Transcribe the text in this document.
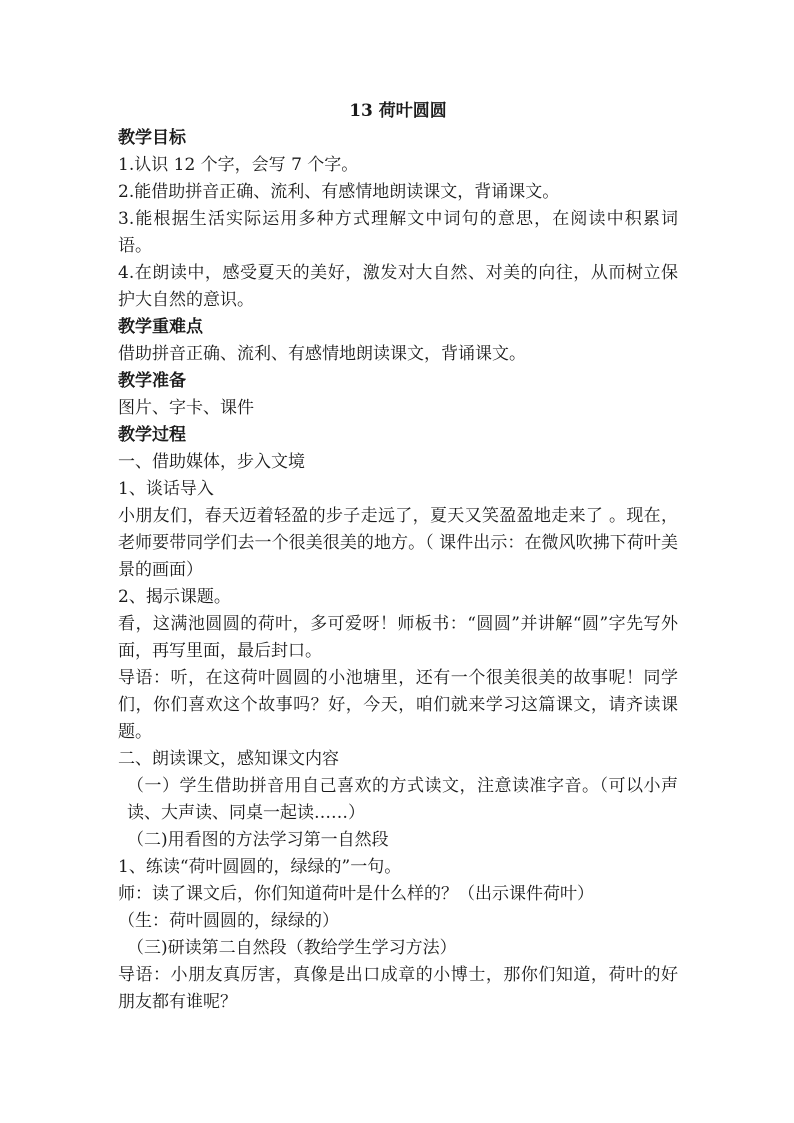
13 荷叶圆圆

教学目标

1.认识 12 个字，会写 7 个字。

2.能借助拼音正确、流利、有感情地朗读课文，背诵课文。

3.能根据生活实际运用多种方式理解文中词句的意思，在阅读中积累词语。

4.在朗读中，感受夏天的美好，激发对大自然、对美的向往，从而树立保护大自然的意识。

教学重难点

借助拼音正确、流利、有感情地朗读课文，背诵课文。

教学准备

图片、字卡、课件

教学过程

一、借助媒体，步入文境

1、谈话导入

小朋友们，春天迈着轻盈的步子走远了，夏天又笑盈盈地走来了 。现在，老师要带同学们去一个很美很美的地方。（ 课件出示：在微风吹拂下荷叶美景的画面）

2、揭示课题。

看，这满池圆圆的荷叶，多可爱呀！师板书：“圆圆”并讲解“圆”字先写外面，再写里面，最后封口。

导语：听，在这荷叶圆圆的小池塘里，还有一个很美很美的故事呢！同学们，你们喜欢这个故事吗？好，今天，咱们就来学习这篇课文，请齐读课题。

二、朗读课文，感知课文内容

（一）学生借助拼音用自己喜欢的方式读文，注意读准字音。（可以小声读、大声读、同桌一起读……）

（二)用看图的方法学习第一自然段

1、练读“荷叶圆圆的，绿绿的”一句。

师：读了课文后，你们知道荷叶是什么样的？（出示课件荷叶）

（生：荷叶圆圆的，绿绿的）

（三)研读第二自然段（教给学生学习方法）

导语：小朋友真厉害，真像是出口成章的小博士，那你们知道，荷叶的好朋友都有谁呢？
